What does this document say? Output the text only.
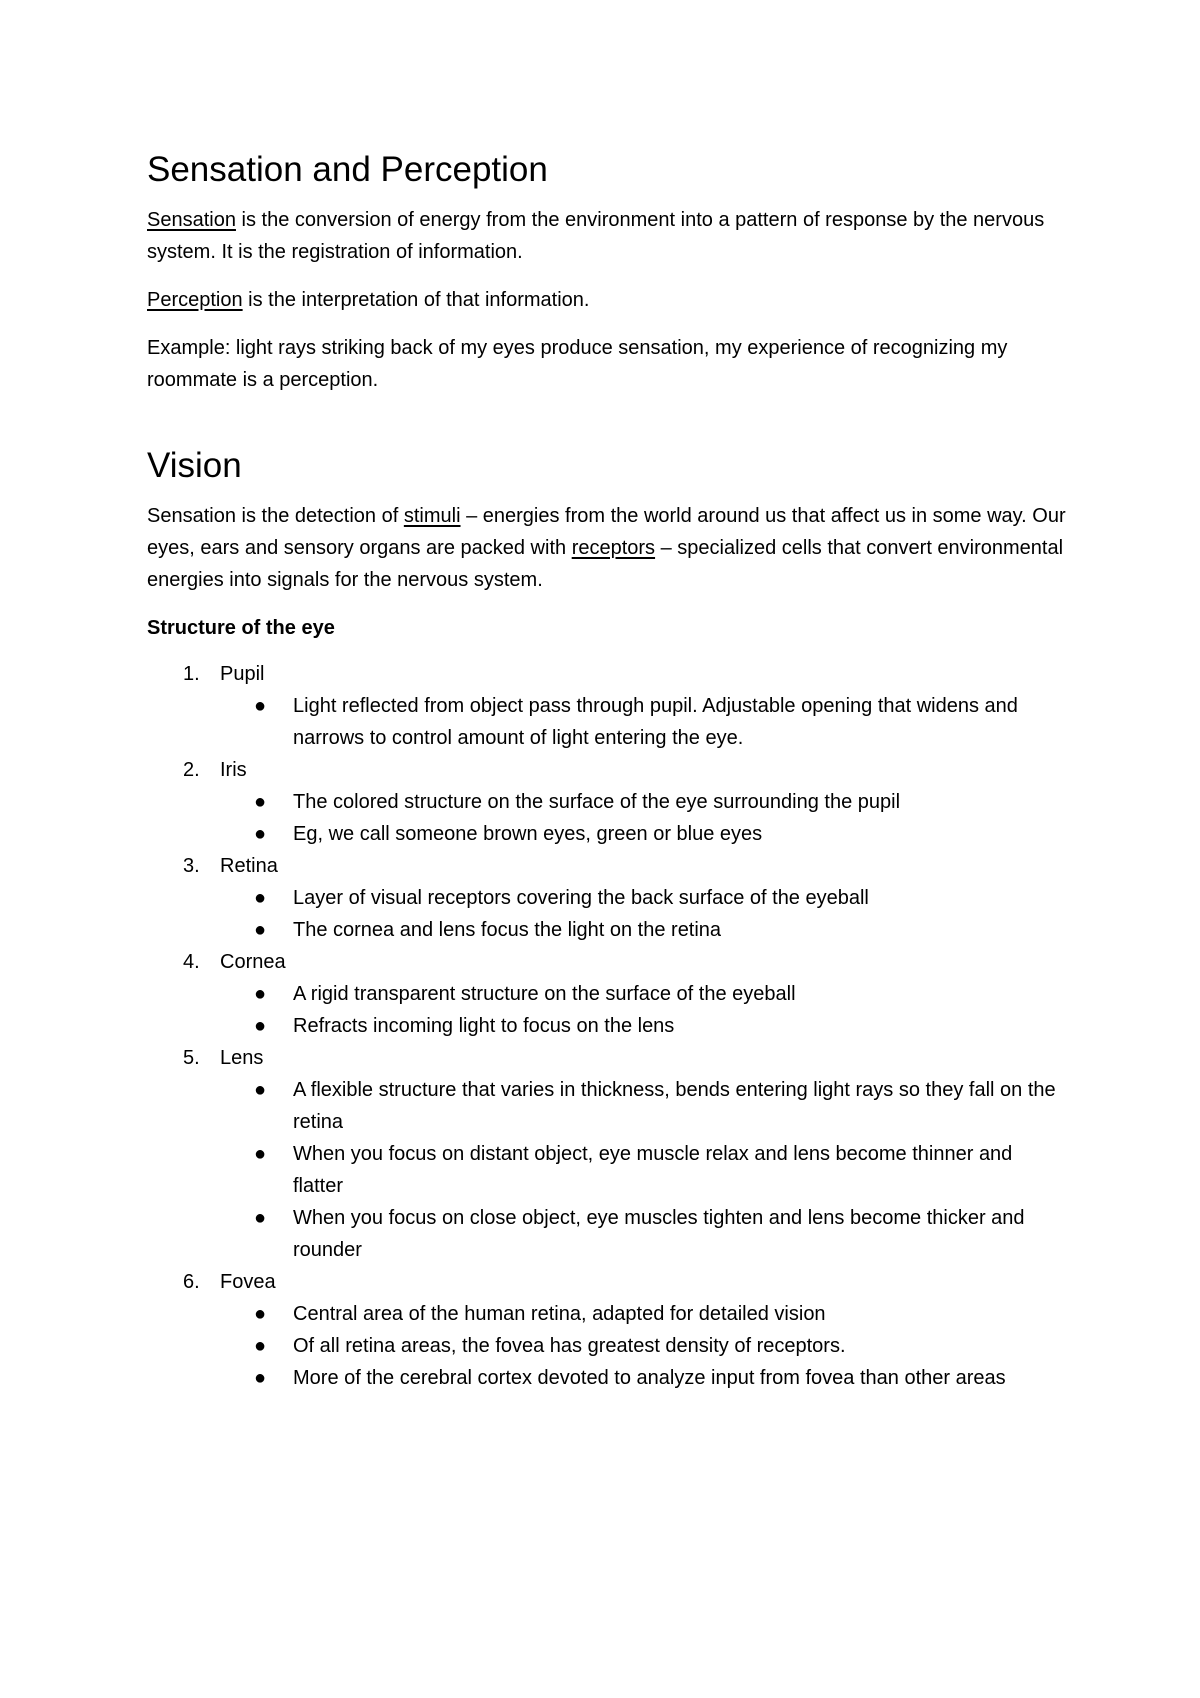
Sensation and Perception

Sensation is the conversion of energy from the environment into a pattern of response by the nervous system. It is the registration of information.

Perception is the interpretation of that information.

Example: light rays striking back of my eyes produce sensation, my experience of recognizing my roommate is a perception.

Vision

Sensation is the detection of stimuli – energies from the world around us that affect us in some way. Our eyes, ears and sensory organs are packed with receptors – specialized cells that convert environmental energies into signals for the nervous system.

Structure of the eye
1. Pupil
● Light reflected from object pass through pupil. Adjustable opening that widens and narrows to control amount of light entering the eye.
2. Iris
● The colored structure on the surface of the eye surrounding the pupil
● Eg, we call someone brown eyes, green or blue eyes
3. Retina
● Layer of visual receptors covering the back surface of the eyeball
● The cornea and lens focus the light on the retina
4. Cornea
● A rigid transparent structure on the surface of the eyeball
● Refracts incoming light to focus on the lens
5. Lens
● A flexible structure that varies in thickness, bends entering light rays so they fall on the retina
● When you focus on distant object, eye muscle relax and lens become thinner and flatter
● When you focus on close object, eye muscles tighten and lens become thicker and rounder
6. Fovea
● Central area of the human retina, adapted for detailed vision
● Of all retina areas, the fovea has greatest density of receptors.
● More of the cerebral cortex devoted to analyze input from fovea than other areas
